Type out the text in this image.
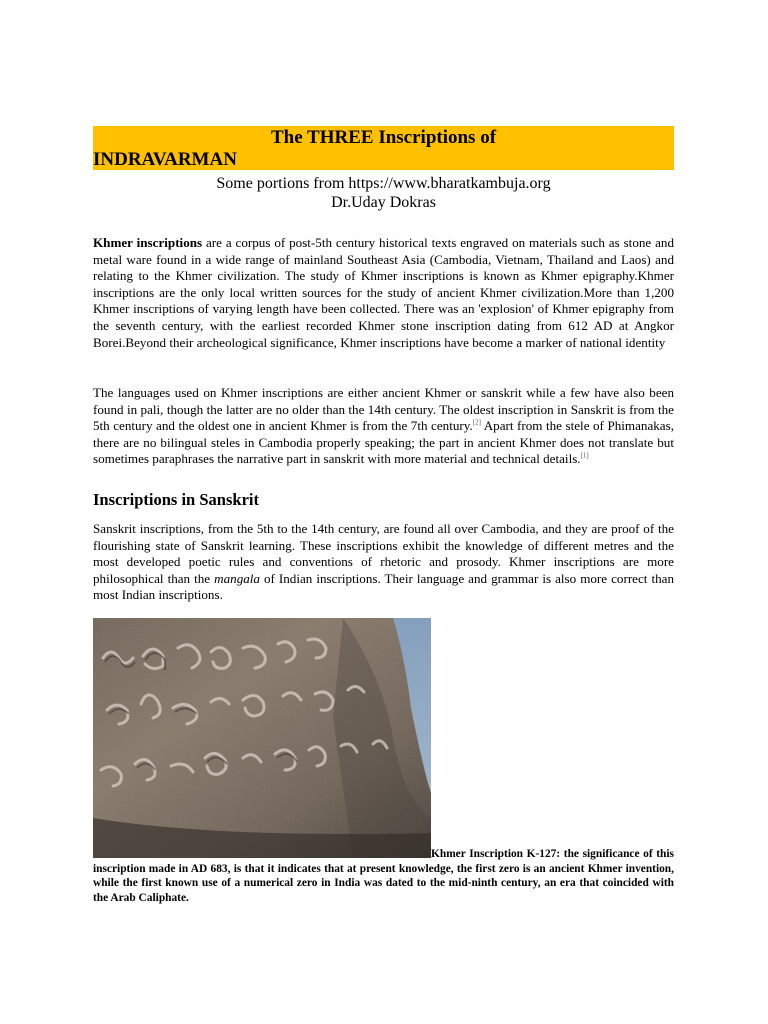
The THREE Inscriptions of
INDRAVARMAN
Some portions from https://www.bharatkambuja.org
Dr.Uday Dokras
Khmer inscriptions are a corpus of post-5th century historical texts engraved on materials such as stone and metal ware found in a wide range of mainland Southeast Asia (Cambodia, Vietnam, Thailand and Laos) and relating to the Khmer civilization. The study of Khmer inscriptions is known as Khmer epigraphy.Khmer inscriptions are the only local written sources for the study of ancient Khmer civilization.More than 1,200 Khmer inscriptions of varying length have been collected. There was an 'explosion' of Khmer epigraphy from the seventh century, with the earliest recorded Khmer stone inscription dating from 612 AD at Angkor Borei.Beyond their archeological significance, Khmer inscriptions have become a marker of national identity
The languages used on Khmer inscriptions are either ancient Khmer or sanskrit while a few have also been found in pali, though the latter are no older than the 14th century. The oldest inscription in Sanskrit is from the 5th century and the oldest one in ancient Khmer is from the 7th century.[2] Apart from the stele of Phimanakas, there are no bilingual steles in Cambodia properly speaking; the part in ancient Khmer does not translate but sometimes paraphrases the narrative part in sanskrit with more material and technical details.[1]
Inscriptions in Sanskrit
Sanskrit inscriptions, from the 5th to the 14th century, are found all over Cambodia, and they are proof of the flourishing state of Sanskrit learning. These inscriptions exhibit the knowledge of different metres and the most developed poetic rules and conventions of rhetoric and prosody. Khmer inscriptions are more philosophical than the mangala of Indian inscriptions. Their language and grammar is also more correct than most Indian inscriptions.
Khmer Inscription K-127: the significance of this inscription made in AD 683, is that it indicates that at present knowledge, the first zero is an ancient Khmer invention, while the first known use of a numerical zero in India was dated to the mid-ninth century, an era that coincided with the Arab Caliphate.
